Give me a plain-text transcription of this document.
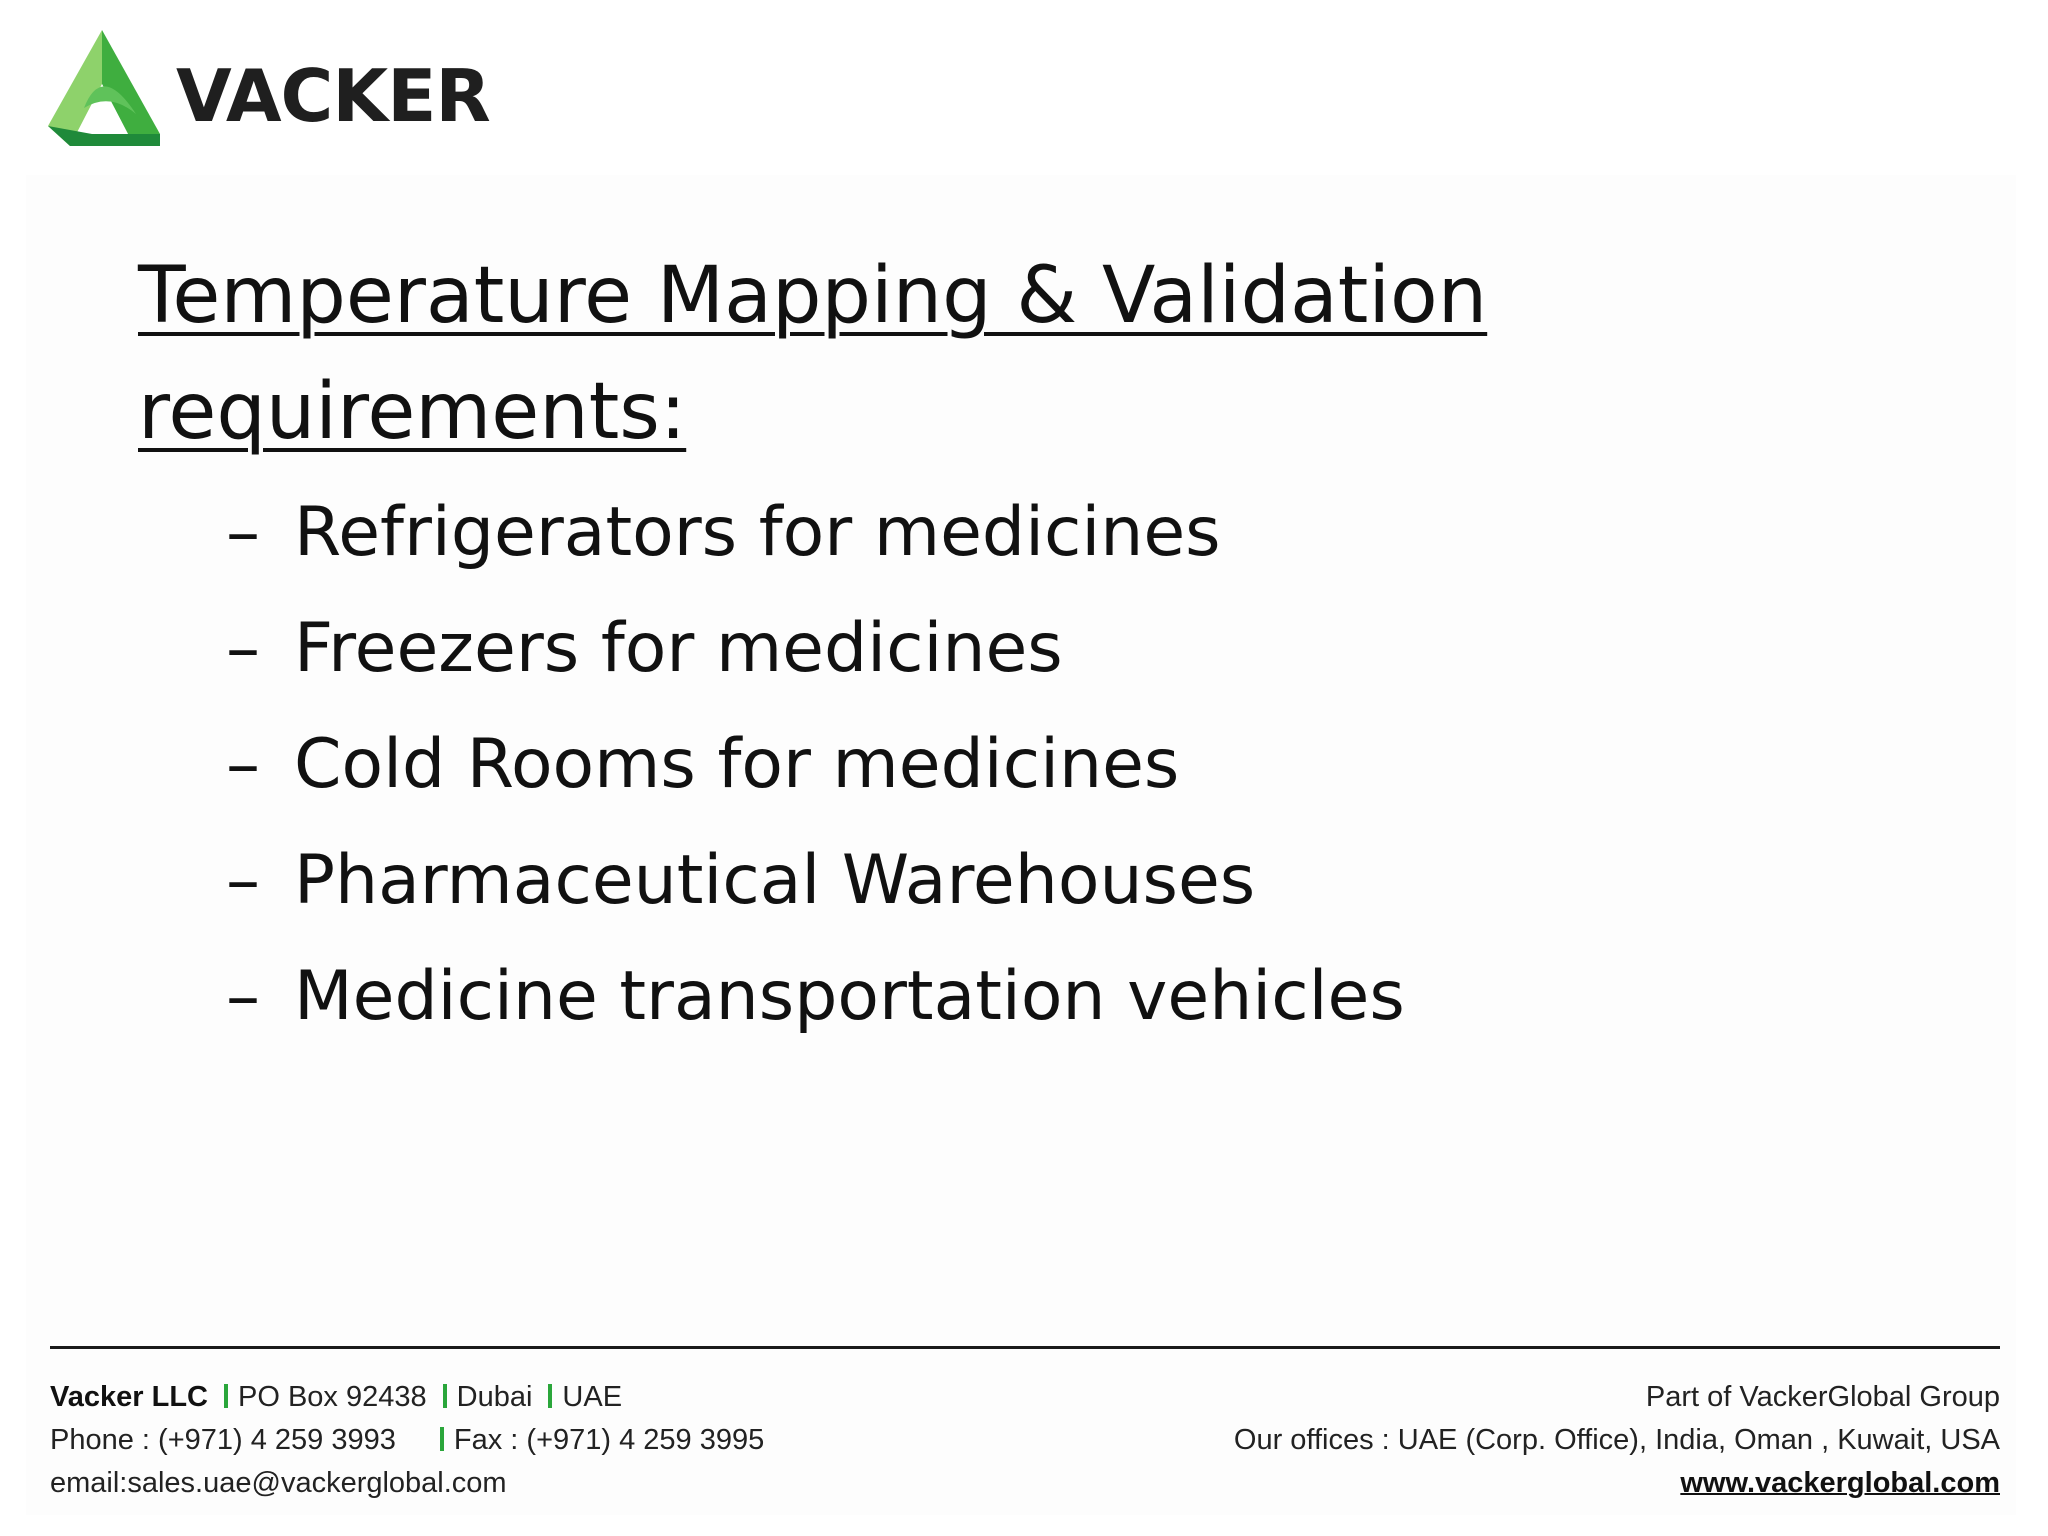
VACKER
Temperature Mapping & Validation requirements:
– Refrigerators for medicines
– Freezers for medicines
– Cold Rooms for medicines
– Pharmaceutical Warehouses
– Medicine transportation vehicles
Vacker LLC PO Box 92438 Dubai UAE
Phone : (+971) 4 259 3993 Fax : (+971) 4 259 3995
email:sales.uae@vackerglobal.com
Part of VackerGlobal Group
Our offices : UAE (Corp. Office), India, Oman , Kuwait, USA
www.vackerglobal.com
